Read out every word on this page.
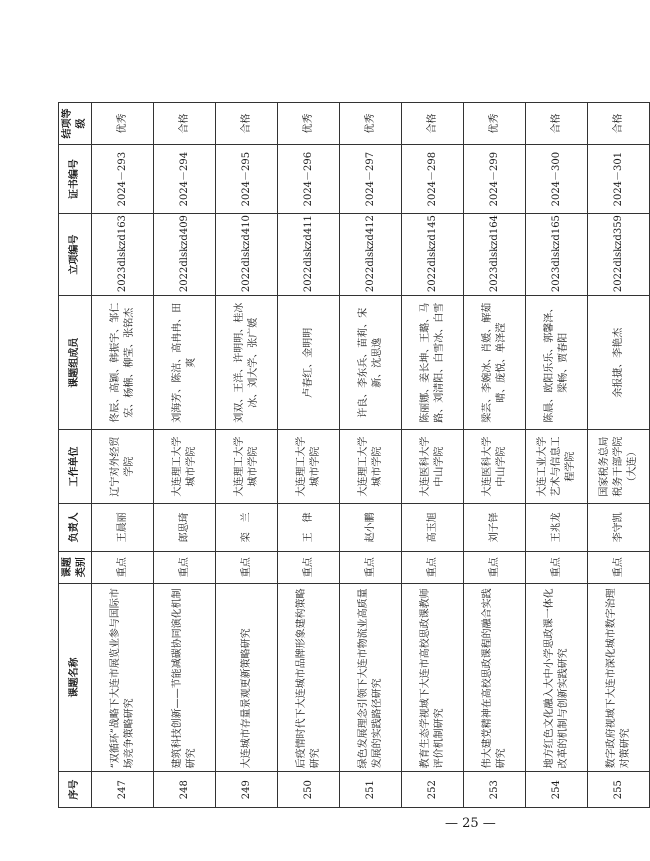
序号	课题名称	课题类别	负责人	工作单位	课题组成员	立项编号	证书编号	结项等级
247	“双循环”战略下大连市展览业参与国际市场竞争策略研究	重点	王晨丽	辽宁对外经贸学院	佟辰、高颖、韩振宇、邹仁宏、杨楠、柳莹、张铭杰	2023dlskzd163	2024－293	优秀
248	建筑科技创新——节能减碳协同演化机制研究	重点	郎思琦	大连理工大学城市学院	刘海芳、陈洁、高冉冉、田爽	2022dlskzd409	2024－294	合格
249	大连城市存量景观更新策略研究	重点	栾　兰	大连理工大学城市学院	刘双、王洋、许明明、桂冰冰、刘大学、张广媛	2022dlskzd410	2024－295	合格
250	后疫情时代下大连城市品牌形象建构策略研究	重点	王　律	大连理工大学城市学院	卢春红、金明明	2022dlskzd411	2024－296	优秀
251	绿色发展理念引领下大连市物流业高质量发展的实践路径研究	重点	赵小鹏	大连理工大学城市学院	许良、李东兵、苗莉、宋新、沈思逸	2022dlskzd412	2024－297	优秀
252	教育生态学视域下大连市高校思政课教师评价机制研究	重点	高玉旭	大连医科大学中山学院	陈丽娜、姜长坤、王璐、马路、刘清阳、白雪冰、白雪	2022dlskzd145	2024－298	合格
253	伟大建党精神在高校思政课程的融合实践研究	重点	刘子铎	大连医科大学中山学院	梁芸、李婉冰、肖媛、解茹晴、庞悦、单泽滢	2023dlskzd164	2024－299	优秀
254	地方红色文化融入大中小学思政课一体化改革的机制与创新实践研究	重点	王兆龙	大连工业大学艺术与信息工程学院	陈晨、欧阳乐乐、郭馨泽、梁畅、贾春阳	2023dlskzd165	2024－300	合格
255	数字政府视域下大连市深化城市数字治理对策研究	重点	李守凯	国家税务总局税务干部学院（大连）	余报捷、李艳杰	2022dlskzd359	2024－301	合格
— 25 —
